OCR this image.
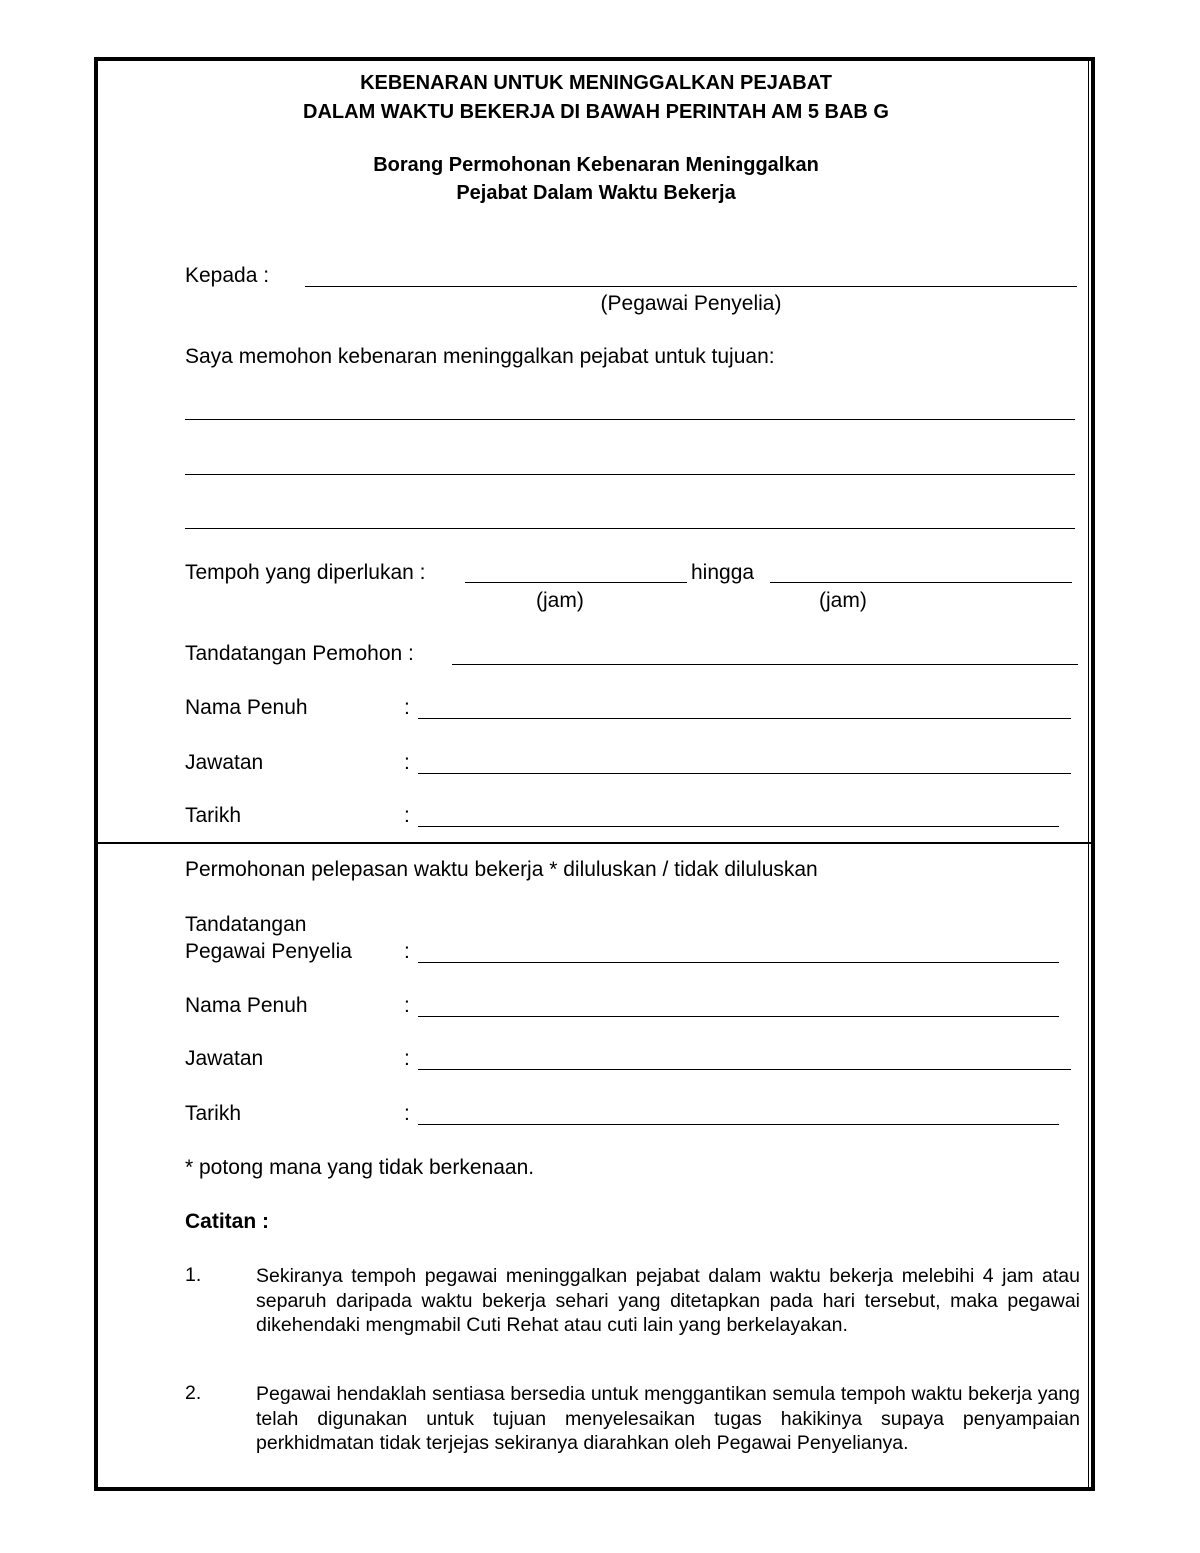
KEBENARAN UNTUK MENINGGALKAN PEJABAT
DALAM WAKTU BEKERJA DI BAWAH PERINTAH AM 5 BAB G
Borang Permohonan Kebenaran Meninggalkan
Pejabat Dalam Waktu Bekerja
Kepada :
(Pegawai Penyelia)
Saya memohon kebenaran meninggalkan pejabat untuk tujuan:
Tempoh yang diperlukan :	hingga
(jam)	(jam)
Tandatangan Pemohon :
Nama Penuh	:
Jawatan	:
Tarikh	:
Permohonan pelepasan waktu bekerja * diluluskan / tidak diluluskan
Tandatangan
Pegawai Penyelia :
Nama Penuh	:
Jawatan	:
Tarikh	:
* potong mana yang tidak berkenaan.
Catitan :
1.	Sekiranya tempoh pegawai meninggalkan pejabat dalam waktu bekerja melebihi 4 jam atau separuh daripada waktu bekerja sehari yang ditetapkan pada hari tersebut, maka pegawai dikehendaki mengmabil Cuti Rehat atau cuti lain yang berkelayakan.
2.	Pegawai hendaklah sentiasa bersedia untuk menggantikan semula tempoh waktu bekerja yang telah digunakan untuk tujuan menyelesaikan tugas hakikinya supaya penyampaian perkhidmatan tidak terjejas sekiranya diarahkan oleh Pegawai Penyelianya.
